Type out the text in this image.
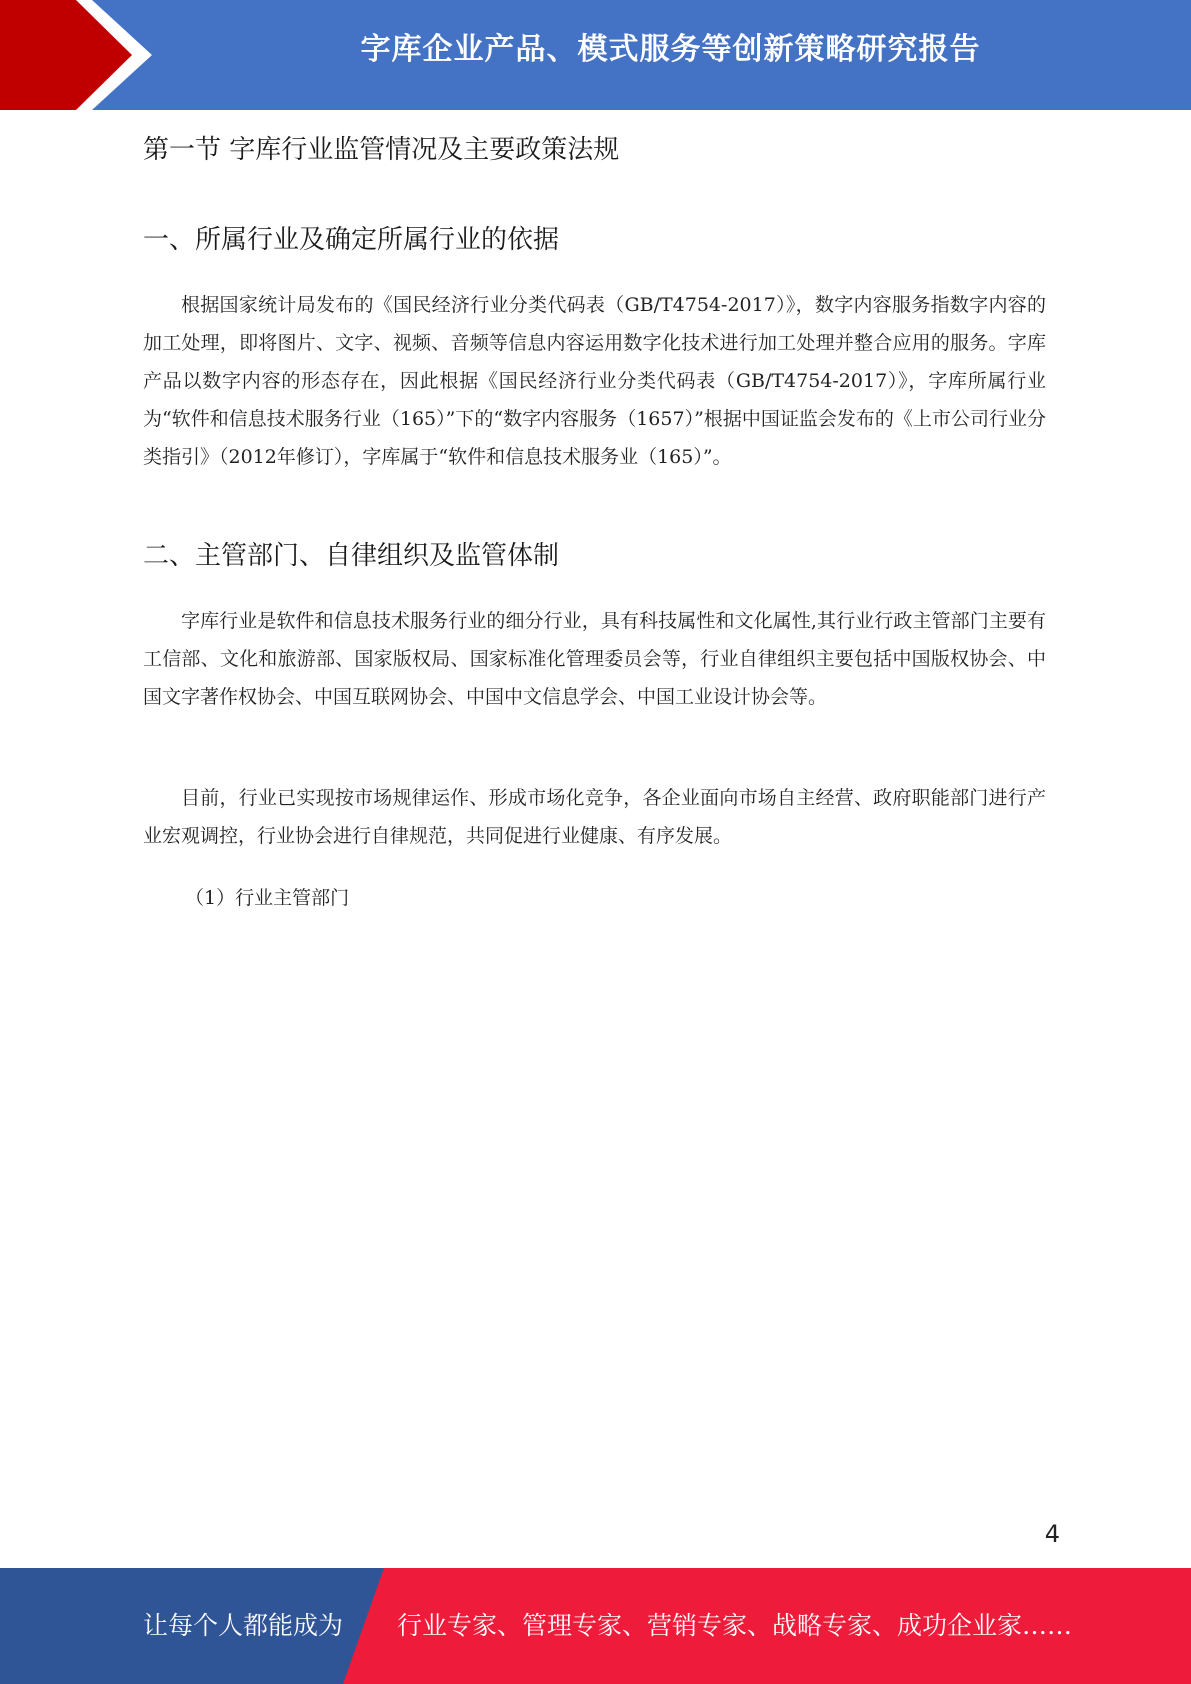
字库企业产品、模式服务等创新策略研究报告
第一节 字库行业监管情况及主要政策法规
一、所属行业及确定所属行业的依据

根据国家统计局发布的《国民经济行业分类代码表（GB/T4754-2017）》，数字内容服务指数字内容的加工处理，即将图片、文字、视频、音频等信息内容运用数字化技术进行加工处理并整合应用的服务。字库产品以数字内容的形态存在，因此根据《国民经济行业分类代码表（GB/T4754-2017）》，字库所属行业为“软件和信息技术服务行业（165）”下的“数字内容服务（1657）”根据中国证监会发布的《上市公司行业分类指引》（2012年修订），字库属于“软件和信息技术服务业（165）”。

二、主管部门、自律组织及监管体制

字库行业是软件和信息技术服务行业的细分行业，具有科技属性和文化属性,其行业行政主管部门主要有工信部、文化和旅游部、国家版权局、国家标准化管理委员会等，行业自律组织主要包括中国版权协会、中国文字著作权协会、中国互联网协会、中国中文信息学会、中国工业设计协会等。

目前，行业已实现按市场规律运作、形成市场化竞争，各企业面向市场自主经营、政府职能部门进行产业宏观调控，行业协会进行自律规范，共同促进行业健康、有序发展。

（1）行业主管部门

4
让每个人都能成为 行业专家、管理专家、营销专家、战略专家、成功企业家……
